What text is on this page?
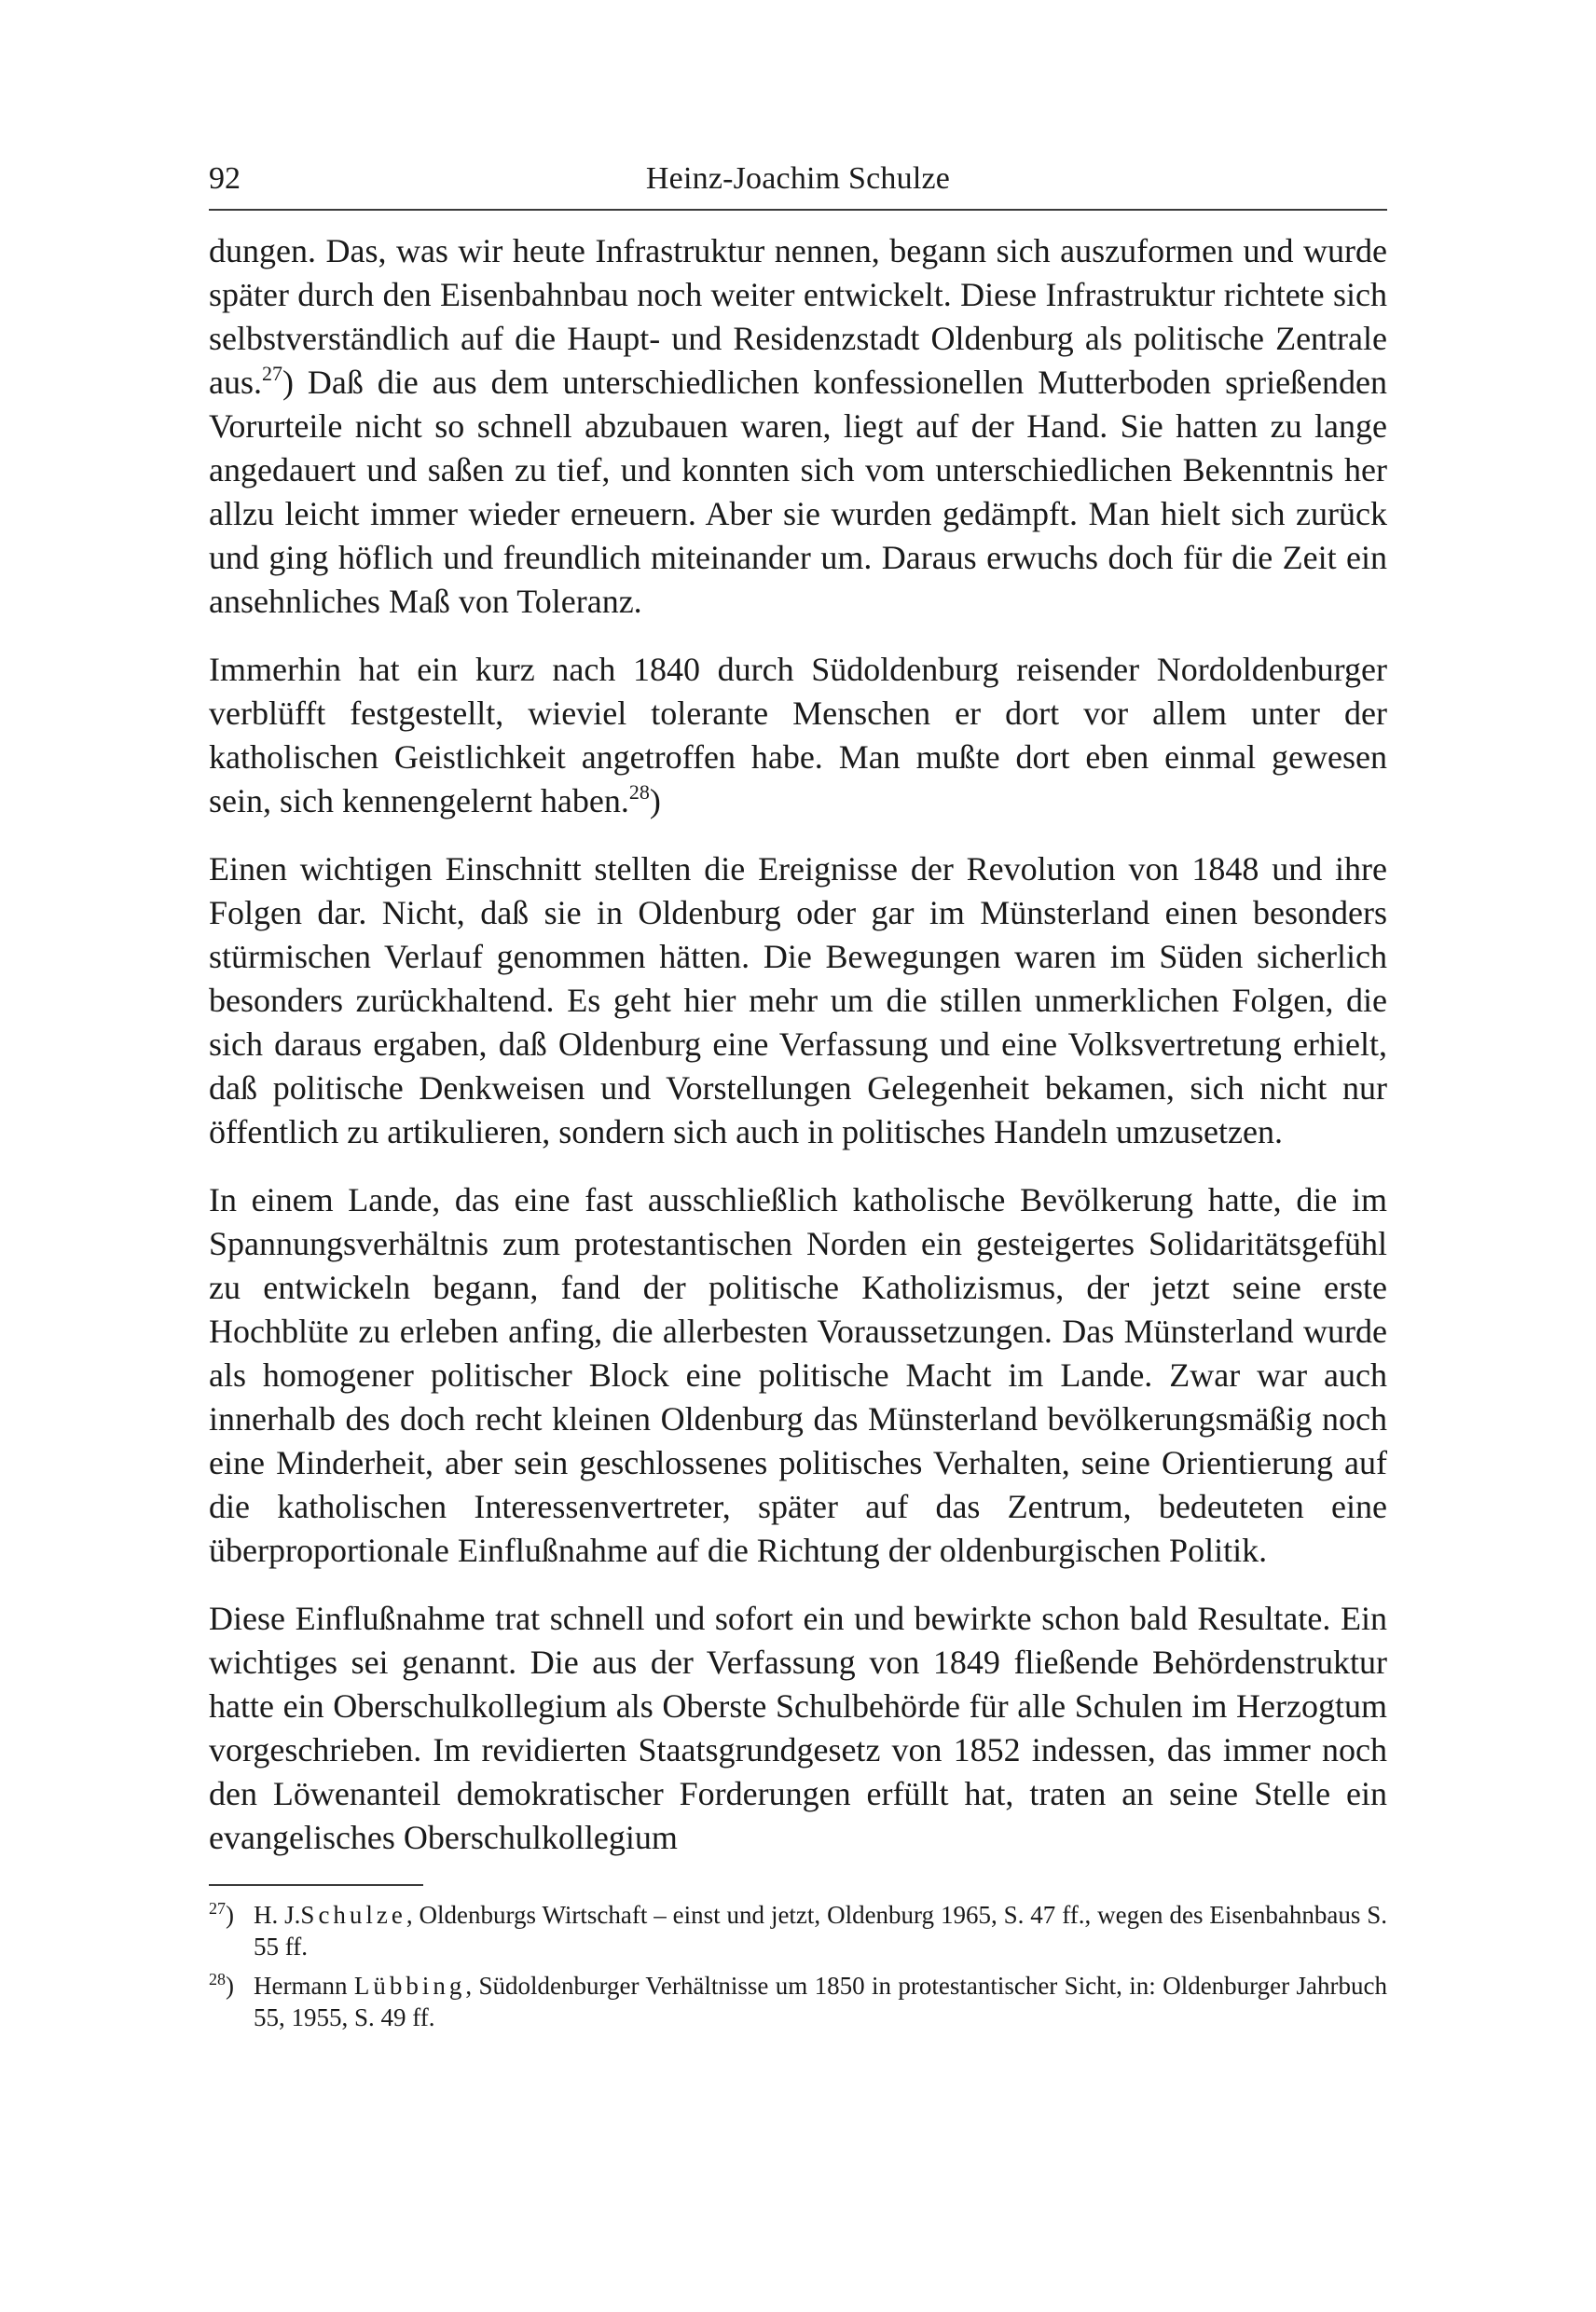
92	Heinz-Joachim Schulze

dungen. Das, was wir heute Infrastruktur nennen, begann sich auszuformen und wurde später durch den Eisenbahnbau noch weiter entwickelt. Diese Infrastruktur richtete sich selbstverständlich auf die Haupt- und Residenzstadt Oldenburg als politische Zentrale aus.$^{27}$) Daß die aus dem unterschiedlichen konfessionellen Mutterboden sprießenden Vorurteile nicht so schnell abzubauen waren, liegt auf der Hand. Sie hatten zu lange angedauert und saßen zu tief, und konnten sich vom unterschiedlichen Bekenntnis her allzu leicht immer wieder erneuern. Aber sie wurden gedämpft. Man hielt sich zurück und ging höflich und freundlich miteinander um. Daraus erwuchs doch für die Zeit ein ansehnliches Maß von Toleranz.

Immerhin hat ein kurz nach 1840 durch Südoldenburg reisender Nordoldenburger verblüfft festgestellt, wieviel tolerante Menschen er dort vor allem unter der katholischen Geistlichkeit angetroffen habe. Man mußte dort eben einmal gewesen sein, sich kennengelernt haben.$^{28}$)

Einen wichtigen Einschnitt stellten die Ereignisse der Revolution von 1848 und ihre Folgen dar. Nicht, daß sie in Oldenburg oder gar im Münsterland einen besonders stürmischen Verlauf genommen hätten. Die Bewegungen waren im Süden sicherlich besonders zurückhaltend. Es geht hier mehr um die stillen unmerklichen Folgen, die sich daraus ergaben, daß Oldenburg eine Verfassung und eine Volksvertretung erhielt, daß politische Denkweisen und Vorstellungen Gelegenheit bekamen, sich nicht nur öffentlich zu artikulieren, sondern sich auch in politisches Handeln umzusetzen.

In einem Lande, das eine fast ausschließlich katholische Bevölkerung hatte, die im Spannungsverhältnis zum protestantischen Norden ein gesteigertes Solidaritätsgefühl zu entwickeln begann, fand der politische Katholizismus, der jetzt seine erste Hochblüte zu erleben anfing, die allerbesten Voraussetzungen. Das Münsterland wurde als homogener politischer Block eine politische Macht im Lande. Zwar war auch innerhalb des doch recht kleinen Oldenburg das Münsterland bevölkerungsmäßig noch eine Minderheit, aber sein geschlossenes politisches Verhalten, seine Orientierung auf die katholischen Interessenvertreter, später auf das Zentrum, bedeuteten eine überproportionale Einflußnahme auf die Richtung der oldenburgischen Politik.

Diese Einflußnahme trat schnell und sofort ein und bewirkte schon bald Resultate. Ein wichtiges sei genannt. Die aus der Verfassung von 1849 fließende Behördenstruktur hatte ein Oberschulkollegium als Oberste Schulbehörde für alle Schulen im Herzogtum vorgeschrieben. Im revidierten Staatsgrundgesetz von 1852 indessen, das immer noch den Löwenanteil demokratischer Forderungen erfüllt hat, traten an seine Stelle ein evangelisches Oberschulkollegium

$^{27}$) H. J.Schulze, Oldenburgs Wirtschaft – einst und jetzt, Oldenburg 1965, S. 47 ff., wegen des Eisenbahnbaus S. 55 ff.

$^{28}$) Hermann Lübbing, Südoldenburger Verhältnisse um 1850 in protestantischer Sicht, in: Oldenburger Jahrbuch 55, 1955, S. 49 ff.
